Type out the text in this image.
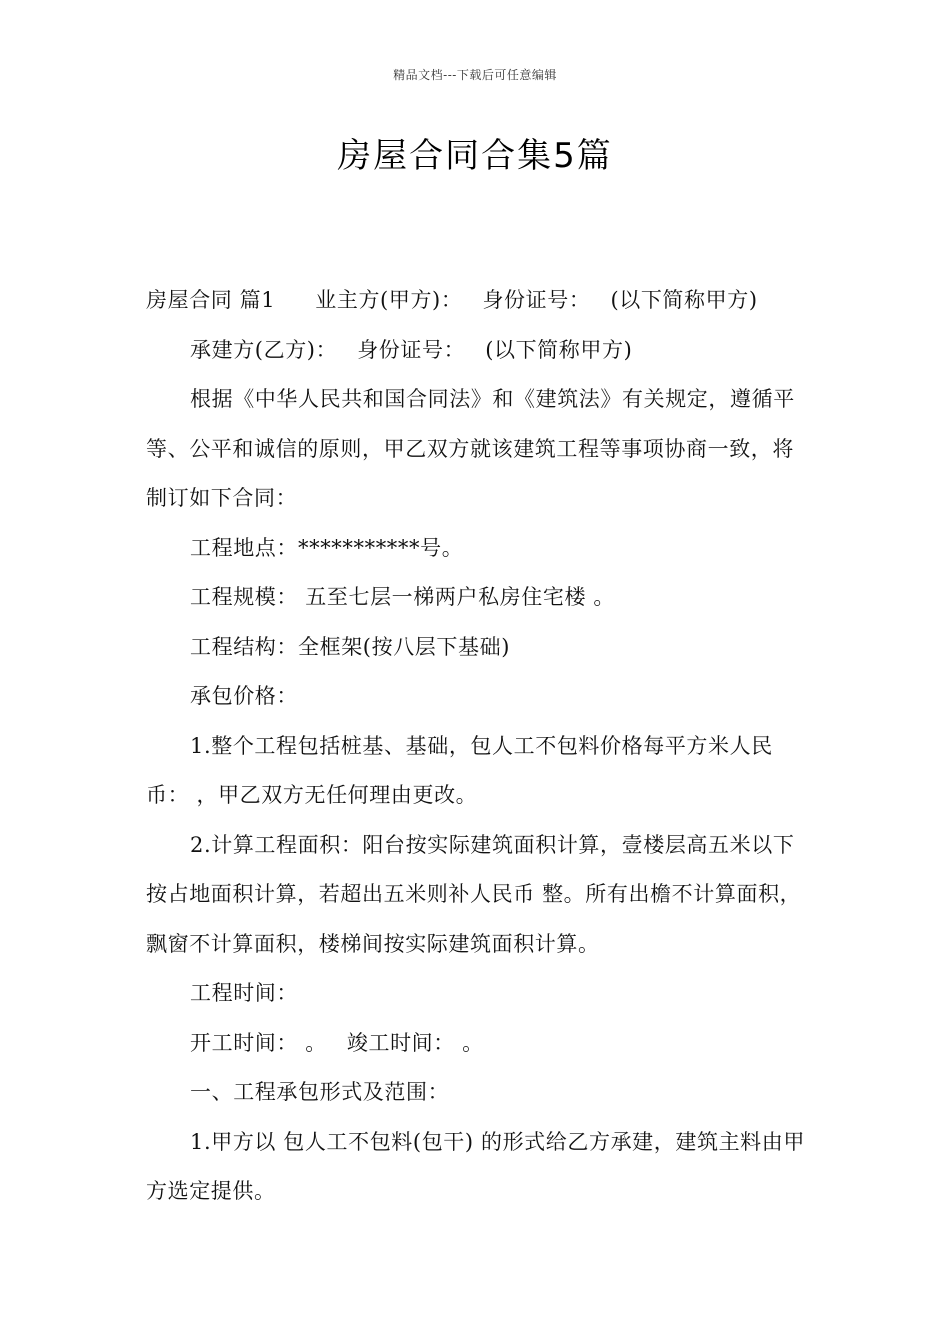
精品文档---下载后可任意编辑
房屋合同合集5篇

房屋合同 篇1 业主方(甲方)： 身份证号： (以下简称甲方)

承建方(乙方)： 身份证号： (以下简称甲方)

根据《中华人民共和国合同法》和《建筑法》有关规定，遵循平等、公平和诚信的原则，甲乙双方就该建筑工程等事项协商一致，将制订如下合同：

工程地点：***********号。

工程规模： 五至七层一梯两户私房住宅楼 。

工程结构：全框架(按八层下基础)

承包价格：

1.整个工程包括桩基、基础，包人工不包料价格每平方米人民币： ，甲乙双方无任何理由更改。

2.计算工程面积：阳台按实际建筑面积计算，壹楼层高五米以下按占地面积计算，若超出五米则补人民币 整。所有出檐不计算面积，飘窗不计算面积，楼梯间按实际建筑面积计算。

工程时间：

开工时间： 。 竣工时间： 。

一、工程承包形式及范围：

1.甲方以 包人工不包料(包干) 的形式给乙方承建，建筑主料由甲方选定提供。
